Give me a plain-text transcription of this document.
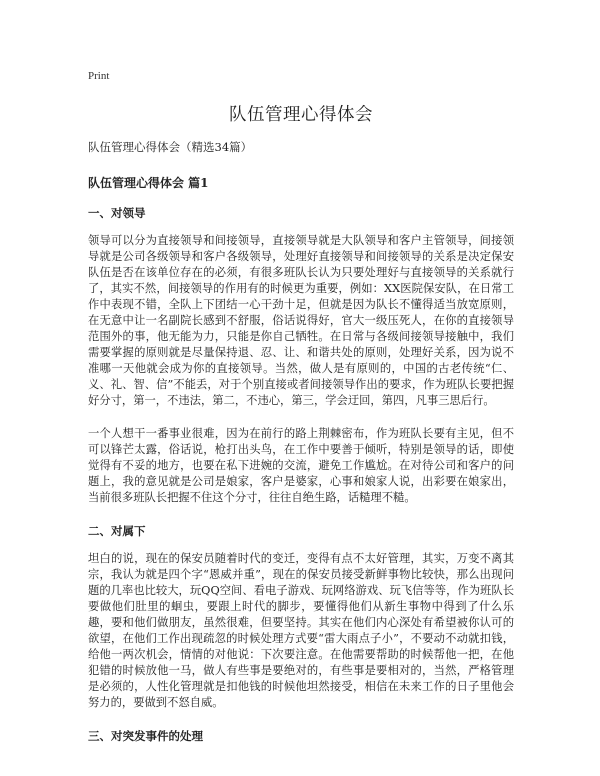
Print
队伍管理心得体会
队伍管理心得体会（精选34篇）
队伍管理心得体会 篇1
一、对领导

领导可以分为直接领导和间接领导，直接领导就是大队领导和客户主管领导，间接领导就是公司各级领导和客户各级领导，处理好直接领导和间接领导的关系是决定保安队伍是否在该单位存在的必须，有很多班队长认为只要处理好与直接领导的关系就行了，其实不然，间接领导的作用有的时候更为重要，例如：XX医院保安队，在日常工作中表现不错，全队上下团结一心干劲十足，但就是因为队长不懂得适当放宽原则，在无意中让一名副院长感到不舒服，俗话说得好，官大一级压死人，在你的直接领导范围外的事，他无能为力，只能是你自己牺牲。在日常与各级间接领导接触中，我们需要掌握的原则就是尽量保持退、忍、让、和谐共处的原则，处理好关系，因为说不准哪一天他就会成为你的直接领导。当然，做人是有原则的，中国的古老传统“仁、义、礼、智、信”不能丢，对于个别直接或者间接领导作出的要求，作为班队长要把握好分寸，第一，不违法，第二，不违心，第三，学会迂回，第四，凡事三思后行。

一个人想干一番事业很难，因为在前行的路上荆棘密布，作为班队长要有主见，但不可以锋芒太露，俗话说，枪打出头鸟，在工作中要善于倾听，特别是领导的话，即使觉得有不妥的地方，也要在私下进婉的交流，避免工作尴尬。在对待公司和客户的问题上，我的意见就是公司是娘家，客户是婆家，心事和娘家人说，出彩要在娘家出，当前很多班队长把握不住这个分寸，往往自绝生路，话糙理不糙。

二、对属下

坦白的说，现在的保安员随着时代的变迁，变得有点不太好管理，其实，万变不离其宗，我认为就是四个字“恩威并重”，现在的保安员接受新鲜事物比较快，那么出现问题的几率也比较大，玩QQ空间、看电子游戏、玩网络游戏、玩飞信等等，作为班队长要做他们肚里的蛔虫，要跟上时代的脚步，要懂得他们从新生事物中得到了什么乐趣，要和他们做朋友，虽然很难，但要坚持。其实在他们内心深处有希望被你认可的欲望，在他们工作出现疏忽的时候处理方式要“雷大雨点子小”，不要动不动就扣钱，给他一两次机会，情情的对他说：下次要注意。在他需要帮助的时候帮他一把，在他犯错的时候放他一马，做人有些事是要绝对的，有些事是要相对的，当然，严格管理是必须的，人性化管理就是扣他钱的时候他坦然接受，相信在未来工作的日子里他会努力的，要做到不怒自威。

三、对突发事件的处理
